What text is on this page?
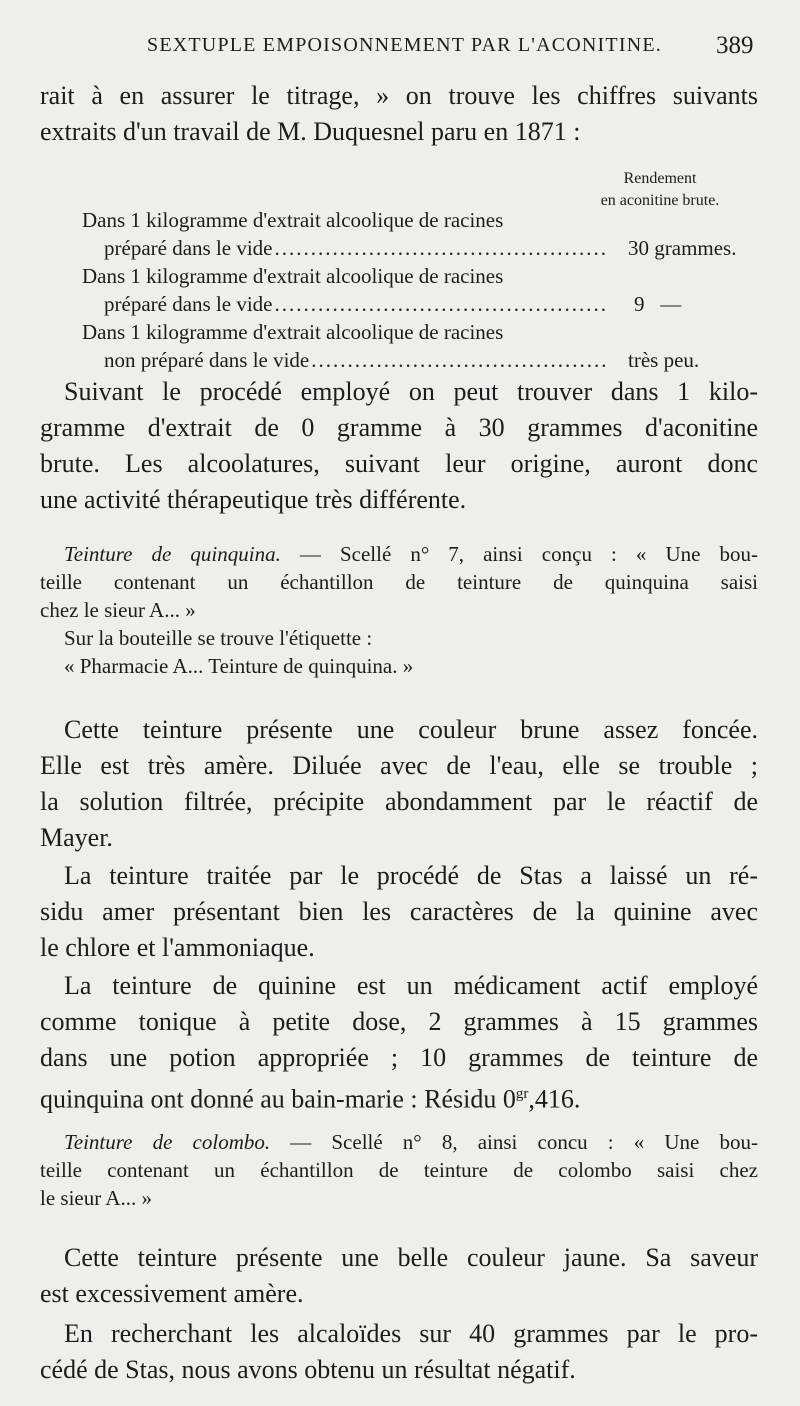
SEXTUPLE EMPOISONNEMENT PAR L'ACONITINE. 389
rait à en assurer le titrage, » on trouve les chiffres suivants
extraits d'un travail de M. Duquesnel paru en 1871 :
Rendement
en aconitine brute.
Dans 1 kilogramme d'extrait alcoolique de racines
préparé dans le vide .....	30 grammes.
Dans 1 kilogramme d'extrait alcoolique de racines
préparé dans le vide .....	9   —
Dans 1 kilogramme d'extrait alcoolique de racines
non préparé dans le vide .....	très peu.
Suivant le procédé employé on peut trouver dans 1 kilo-
gramme d'extrait de 0 gramme à 30 grammes d'aconitine
brute. Les alcoolatures, suivant leur origine, auront donc
une activité thérapeutique très différente.
Teinture de quinquina. — Scellé n° 7, ainsi conçu : « Une bou-
teille contenant un échantillon de teinture de quinquina saisi
chez le sieur A... »
Sur la bouteille se trouve l'étiquette :
« Pharmacie A... Teinture de quinquina. »
Cette teinture présente une couleur brune assez foncée.
Elle est très amère. Diluée avec de l'eau, elle se trouble ;
la solution filtrée, précipite abondamment par le réactif de
Mayer.
La teinture traitée par le procédé de Stas a laissé un ré-
sidu amer présentant bien les caractères de la quinine avec
le chlore et l'ammoniaque.
La teinture de quinine est un médicament actif employé
comme tonique à petite dose, 2 grammes à 15 grammes
dans une potion appropriée ; 10 grammes de teinture de
quinquina ont donné au bain-marie : Résidu $0^{gr},416$.
Teinture de colombo. — Scellé n° 8, ainsi concu : « Une bou-
teille contenant un échantillon de teinture de colombo saisi chez
le sieur A... »
Cette teinture présente une belle couleur jaune. Sa saveur
est excessivement amère.
En recherchant les alcaloïdes sur 40 grammes par le pro-
cédé de Stas, nous avons obtenu un résultat négatif.
